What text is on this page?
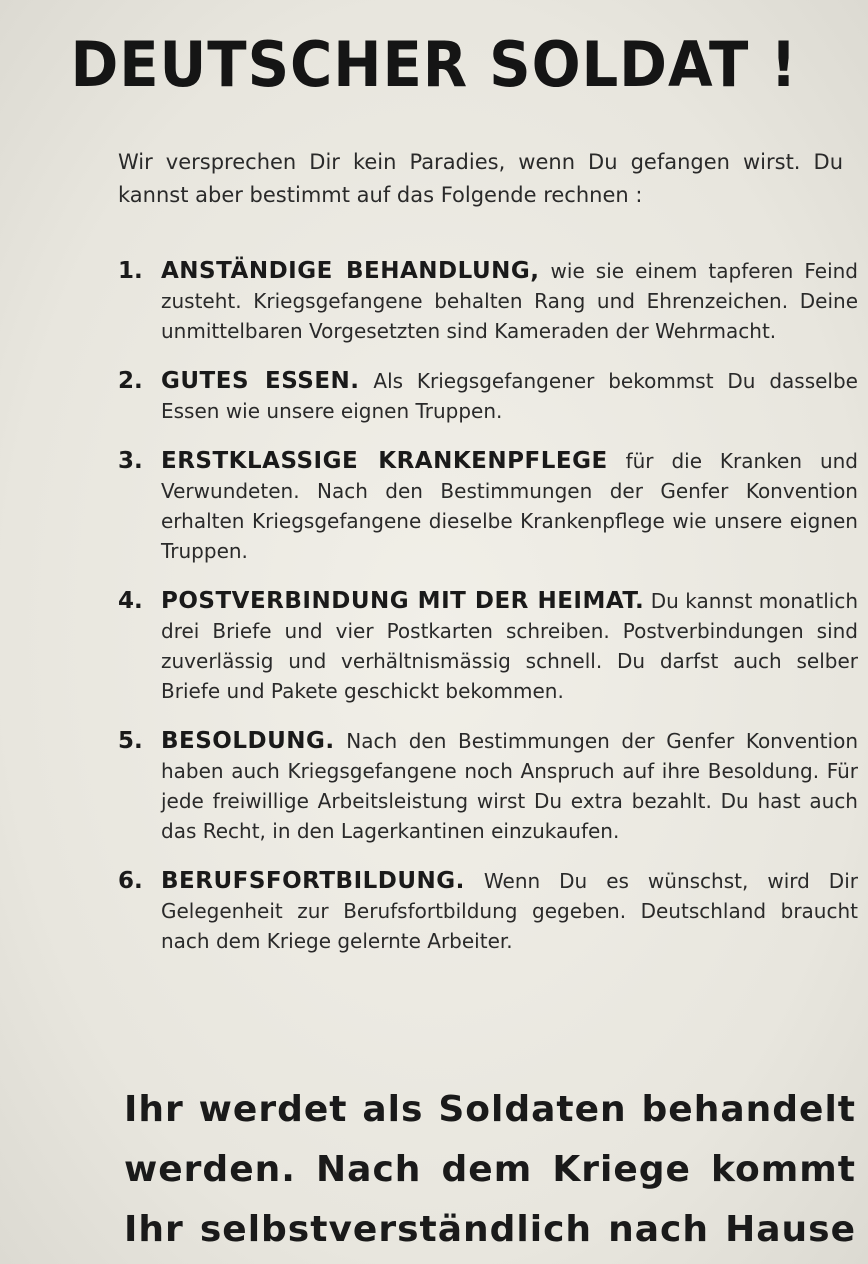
DEUTSCHER SOLDAT !
Wir versprechen Dir kein Paradies, wenn Du gefangen wirst. Du kannst aber bestimmt auf das Folgende rechnen :
1. ANSTÄNDIGE BEHANDLUNG, wie sie einem tapferen Feind zusteht. Kriegsgefangene behalten Rang und Ehrenzeichen. Deine unmittelbaren Vorgesetzten sind Kameraden der Wehrmacht.
2. GUTES ESSEN. Als Kriegsgefangener bekommst Du dasselbe Essen wie unsere eignen Truppen.
3. ERSTKLASSIGE KRANKENPFLEGE für die Kranken und Verwundeten. Nach den Bestimmungen der Genfer Konvention erhalten Kriegsgefangene dieselbe Krankenpflege wie unsere eignen Truppen.
4. POSTVERBINDUNG MIT DER HEIMAT. Du kannst monatlich drei Briefe und vier Postkarten schreiben. Postverbindungen sind zuverlässig und verhältnismässig schnell. Du darfst auch selber Briefe und Pakete geschickt bekommen.
5. BESOLDUNG. Nach den Bestimmungen der Genfer Konvention haben auch Kriegsgefangene noch Anspruch auf ihre Besoldung. Für jede freiwillige Arbeitsleistung wirst Du extra bezahlt. Du hast auch das Recht, in den Lagerkantinen einzukaufen.
6. BERUFSFORTBILDUNG. Wenn Du es wünschst, wird Dir Gelegenheit zur Berufsfortbildung gegeben. Deutschland braucht nach dem Kriege gelernte Arbeiter.
Ihr werdet als Soldaten behandelt werden. Nach dem Kriege kommt Ihr selbstverständlich nach Hause
